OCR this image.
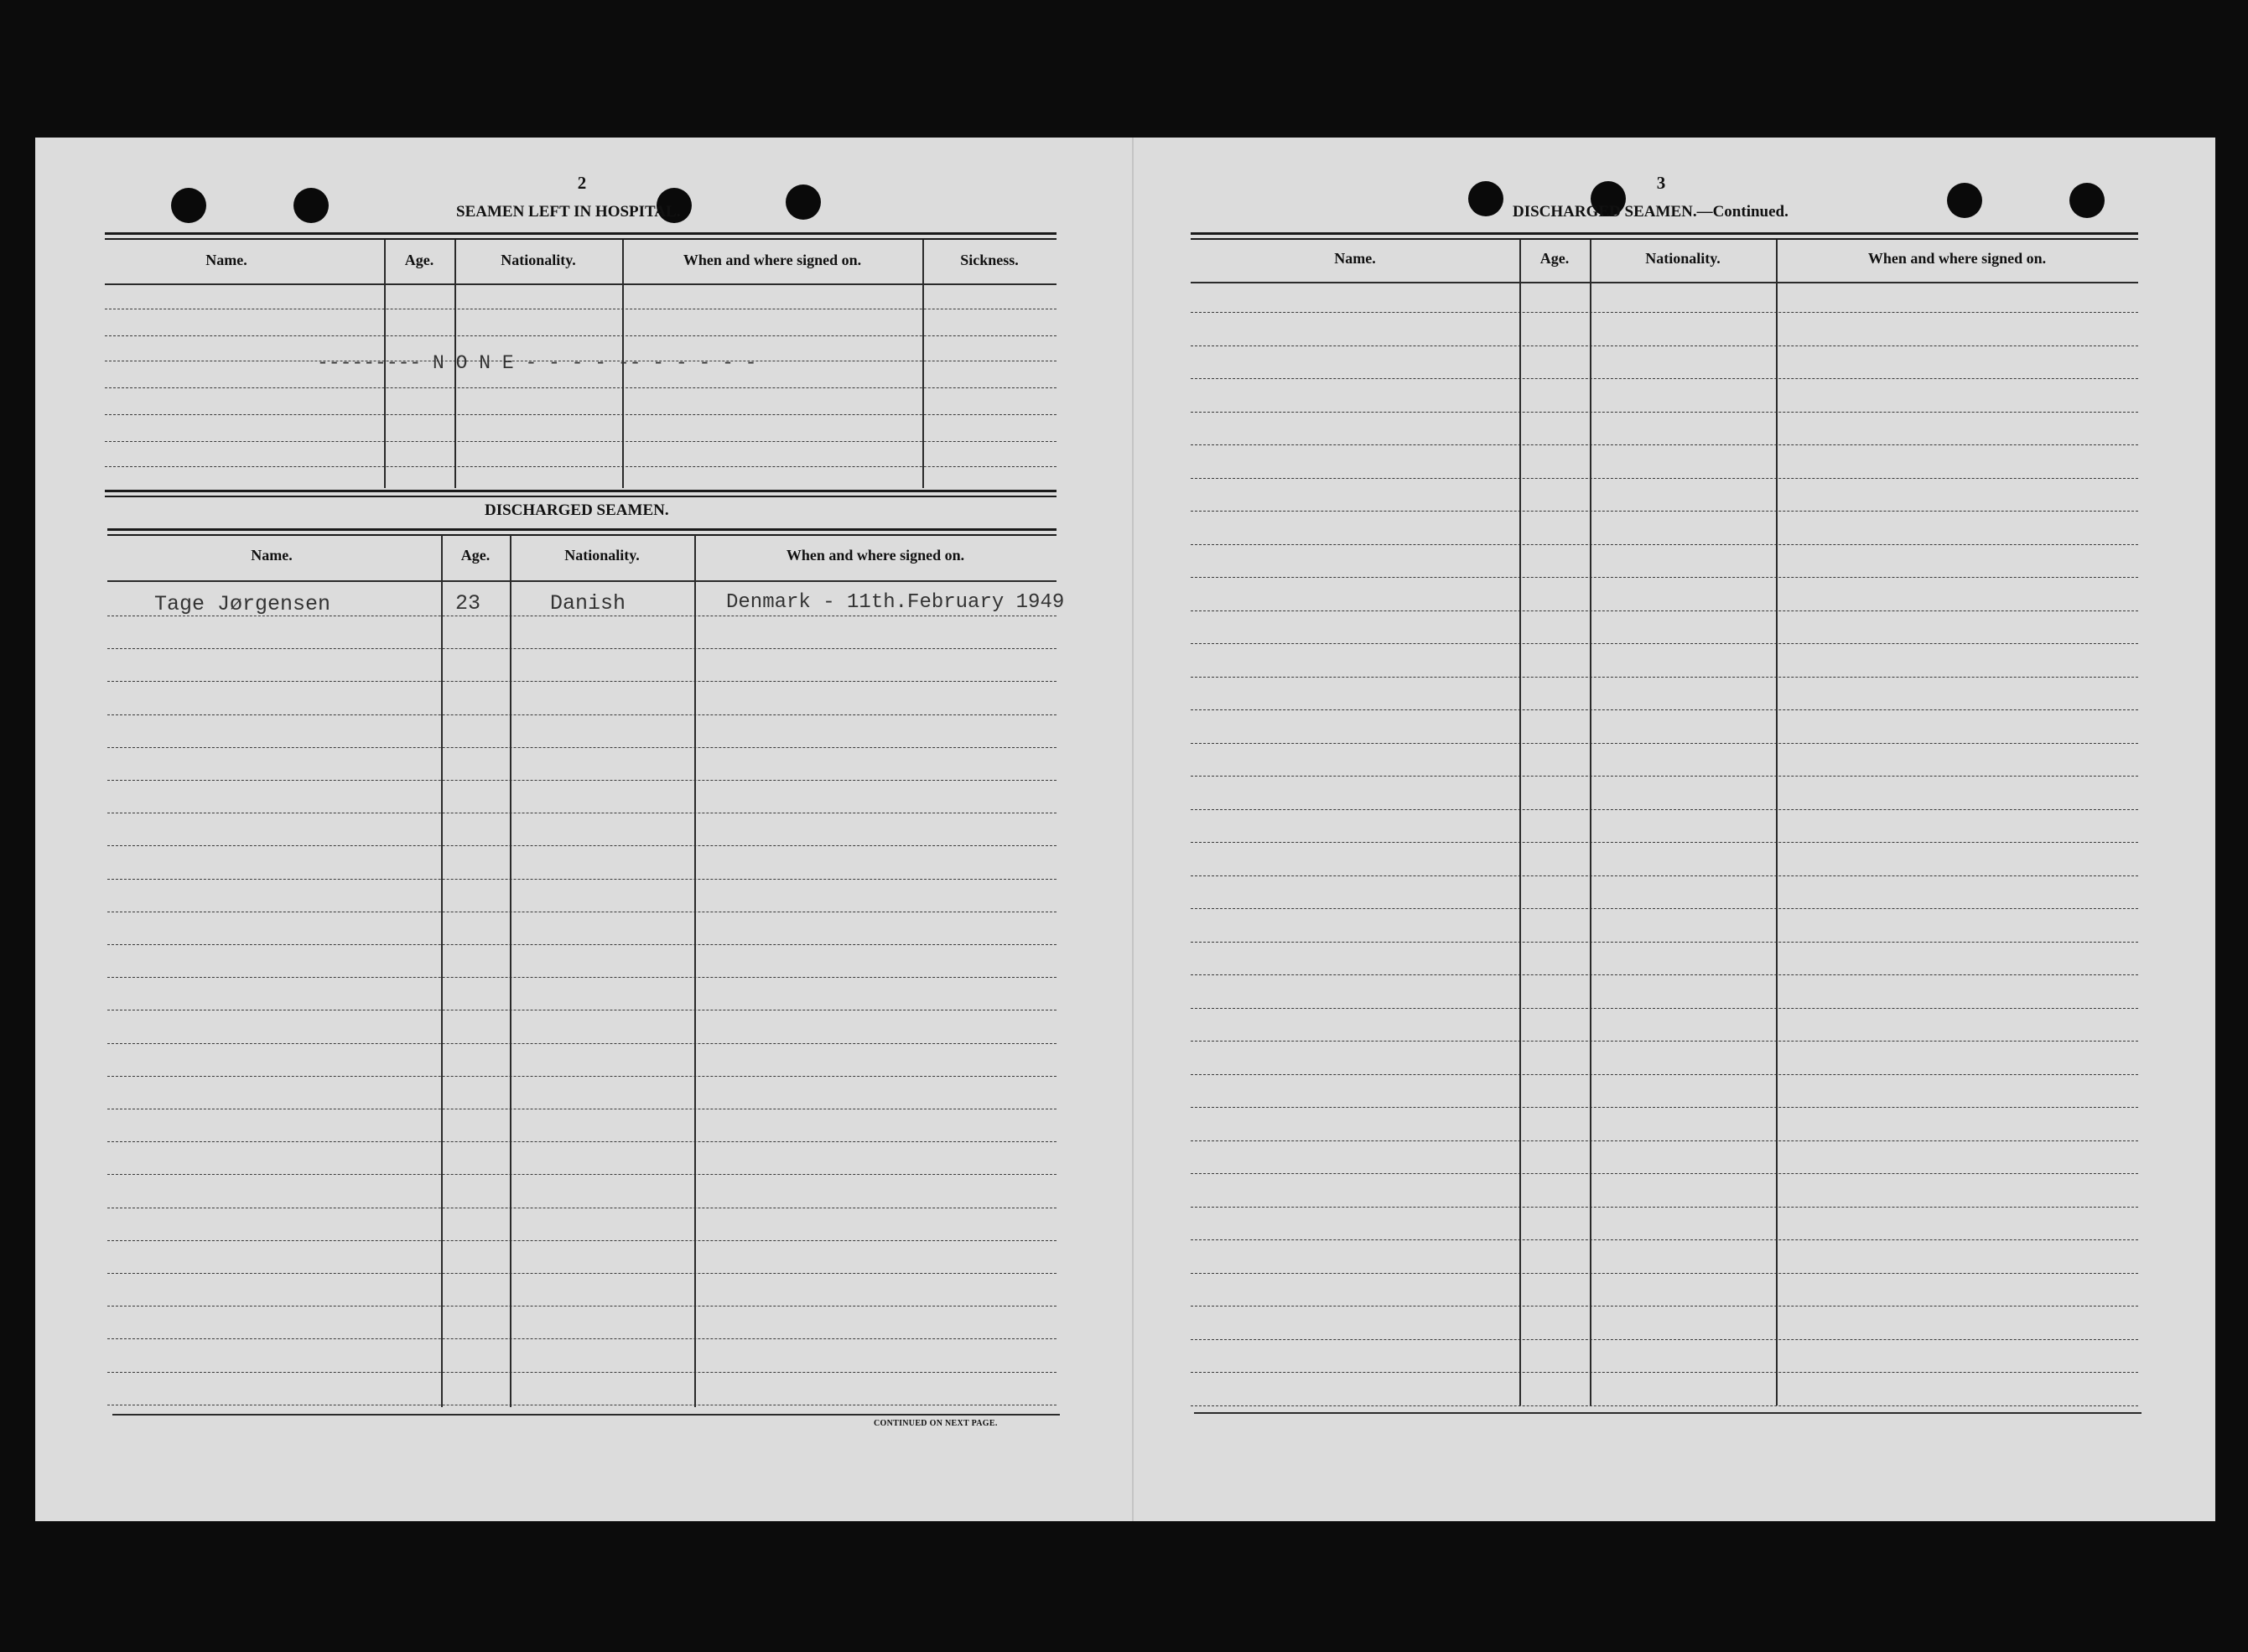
2
SEAMEN LEFT IN HOSPITAL.
Name.	Age.	Nationality.	When and where signed on.	Sickness.
--------- N O N E - - - - -- - - - - -
DISCHARGED SEAMEN.
Name.	Age.	Nationality.	When and where signed on.
Tage Jørgensen	23	Danish	Denmark - 11th.February 1949
CONTINUED ON NEXT PAGE.
3
DISCHARGED SEAMEN.—Continued.
Name.	Age.	Nationality.	When and where signed on.
